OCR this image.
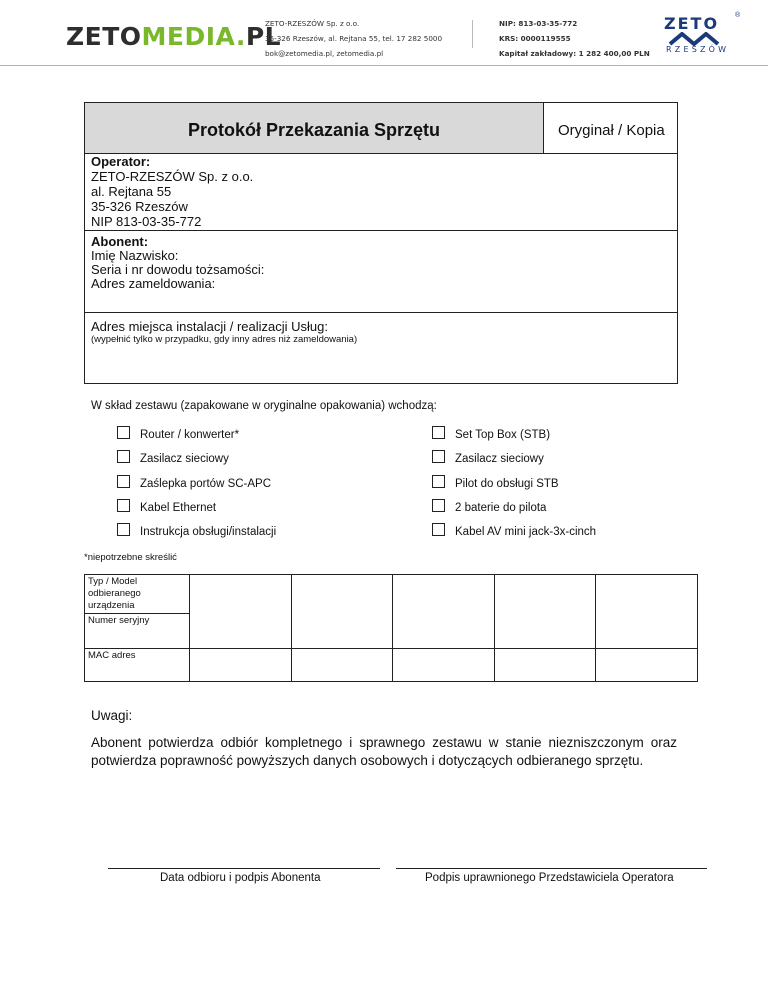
ZETOMEDIA.PL
ZETO-RZESZÓW Sp. z o.o.
35-326 Rzeszów, al. Rejtana 55, tel. 17 282 5000
bok@zetomedia.pl, zetomedia.pl
NIP: 813-03-35-772
KRS: 0000119555
Kapitał zakładowy: 1 282 400,00 PLN
ZETO ®
RZESZÓW
Protokół Przekazania Sprzętu	Oryginał / Kopia
Operator:
ZETO-RZESZÓW Sp. z o.o.
al. Rejtana 55
35-326 Rzeszów
NIP 813-03-35-772
Abonent:
Imię Nazwisko:
Seria i nr dowodu tożsamości:
Adres zameldowania:
Adres miejsca instalacji / realizacji Usług:
(wypełnić tylko w przypadku, gdy inny adres niż zameldowania)
W skład zestawu (zapakowane w oryginalne opakowania) wchodzą:
Router / konwerter*
Zasilacz sieciowy
Zaślepka portów SC-APC
Kabel Ethernet
Instrukcja obsługi/instalacji
Set Top Box (STB)
Zasilacz sieciowy
Pilot do obsługi STB
2 baterie do pilota
Kabel AV mini jack-3x-cinch
*niepotrzebne skreślić
Typ / Model odbieranego urządzenia					
Numer seryjny					
MAC adres					
Uwagi:
Abonent potwierdza odbiór kompletnego i sprawnego zestawu w stanie niezniszczonym oraz potwierdza poprawność powyższych danych osobowych i dotyczących odbieranego sprzętu.
Data odbioru i podpis Abonenta	Podpis uprawnionego Przedstawiciela Operatora
